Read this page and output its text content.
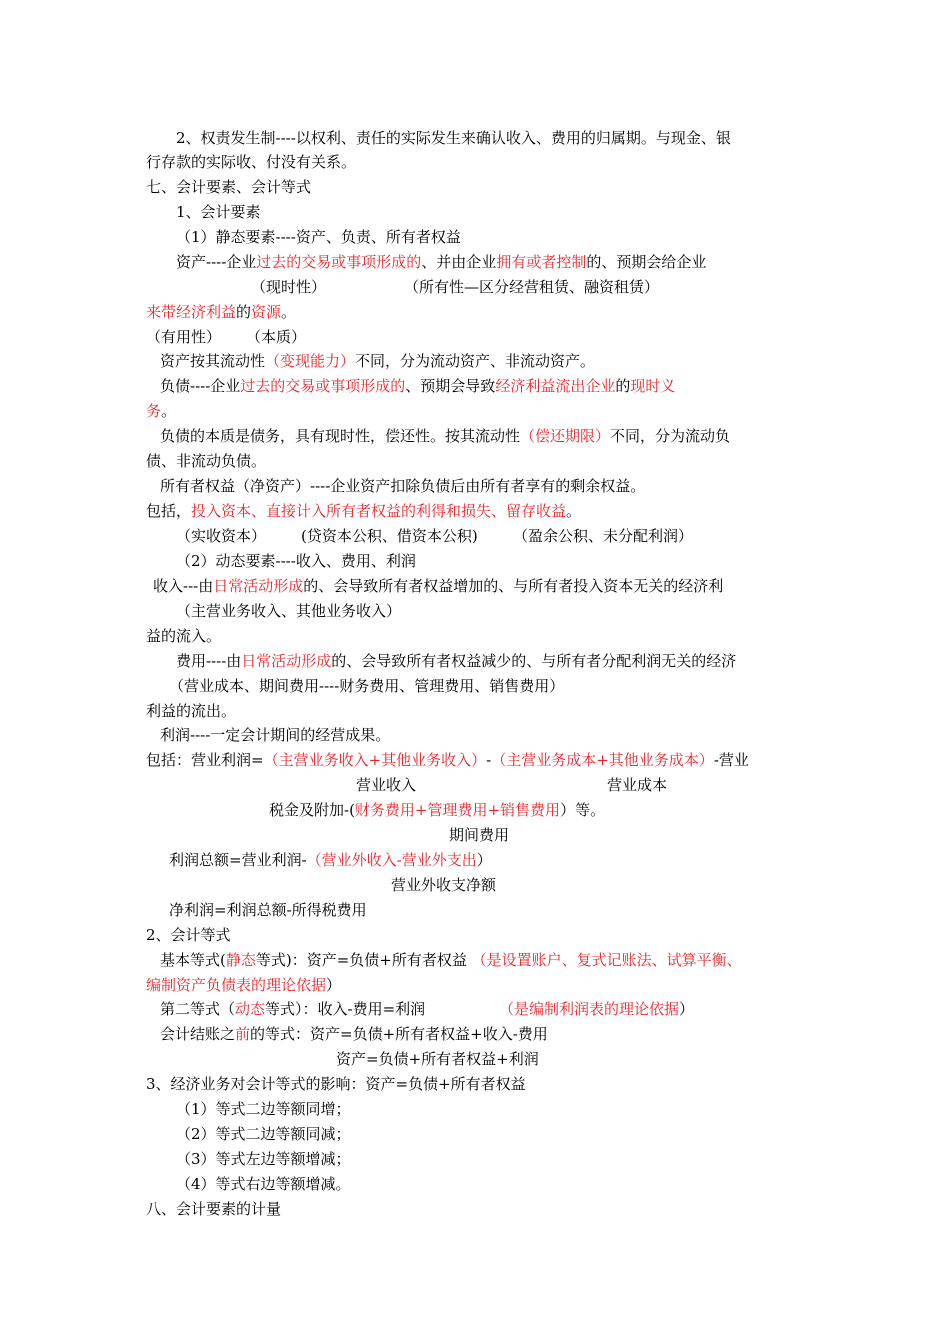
2、权责发生制----以权利、责任的实际发生来确认收入、费用的归属期。与现金、银
行存款的实际收、付没有关系。
七、会计要素、会计等式
1、会计要素
（1）静态要素----资产、负责、所有者权益
资产----企业过去的交易或事项形成的、并由企业拥有或者控制的、预期会给企业
（现时性）	（所有性—区分经营租赁、融资租赁）
来带经济利益的资源。
（有用性） （本质）
资产按其流动性（变现能力）不同，分为流动资产、非流动资产。
负债----企业过去的交易或事项形成的、预期会导致经济利益流出企业的现时义
务。
负债的本质是债务，具有现时性，偿还性。按其流动性（偿还期限）不同，分为流动负
债、非流动负债。
所有者权益（净资产）----企业资产扣除负债后由所有者享有的剩余权益。
包括，投入资本、直接计入所有者权益的利得和损失、留存收益。
（实收资本） (贷资本公积、借资本公积) （盈余公积、未分配利润）
（2）动态要素----收入、费用、利润
收入---由日常活动形成的、会导致所有者权益增加的、与所有者投入资本无关的经济利
（主营业务收入、其他业务收入）
益的流入。
费用----由日常活动形成的、会导致所有者权益减少的、与所有者分配利润无关的经济
（营业成本、期间费用----财务费用、管理费用、销售费用）
利益的流出。
利润----一定会计期间的经营成果。
包括：营业利润=（主营业务收入+其他业务收入）-（主营业务成本+其他业务成本）-营业
营业收入	营业成本
税金及附加-(财务费用+管理费用+销售费用）等。
期间费用
利润总额=营业利润-（营业外收入-营业外支出）
营业外收支净额
净利润=利润总额-所得税费用
2、会计等式
基本等式(静态等式)：资产=负债+所有者权益 （是设置账户、复式记账法、试算平衡、
编制资产负债表的理论依据）
第二等式（动态等式）：收入-费用=利润	（是编制利润表的理论依据）
会计结账之前的等式：资产=负债+所有者权益+收入-费用
资产=负债+所有者权益+利润
3、经济业务对会计等式的影响：资产=负债+所有者权益
（1）等式二边等额同增；
（2）等式二边等额同减；
（3）等式左边等额增减；
（4）等式右边等额增减。
八、会计要素的计量
